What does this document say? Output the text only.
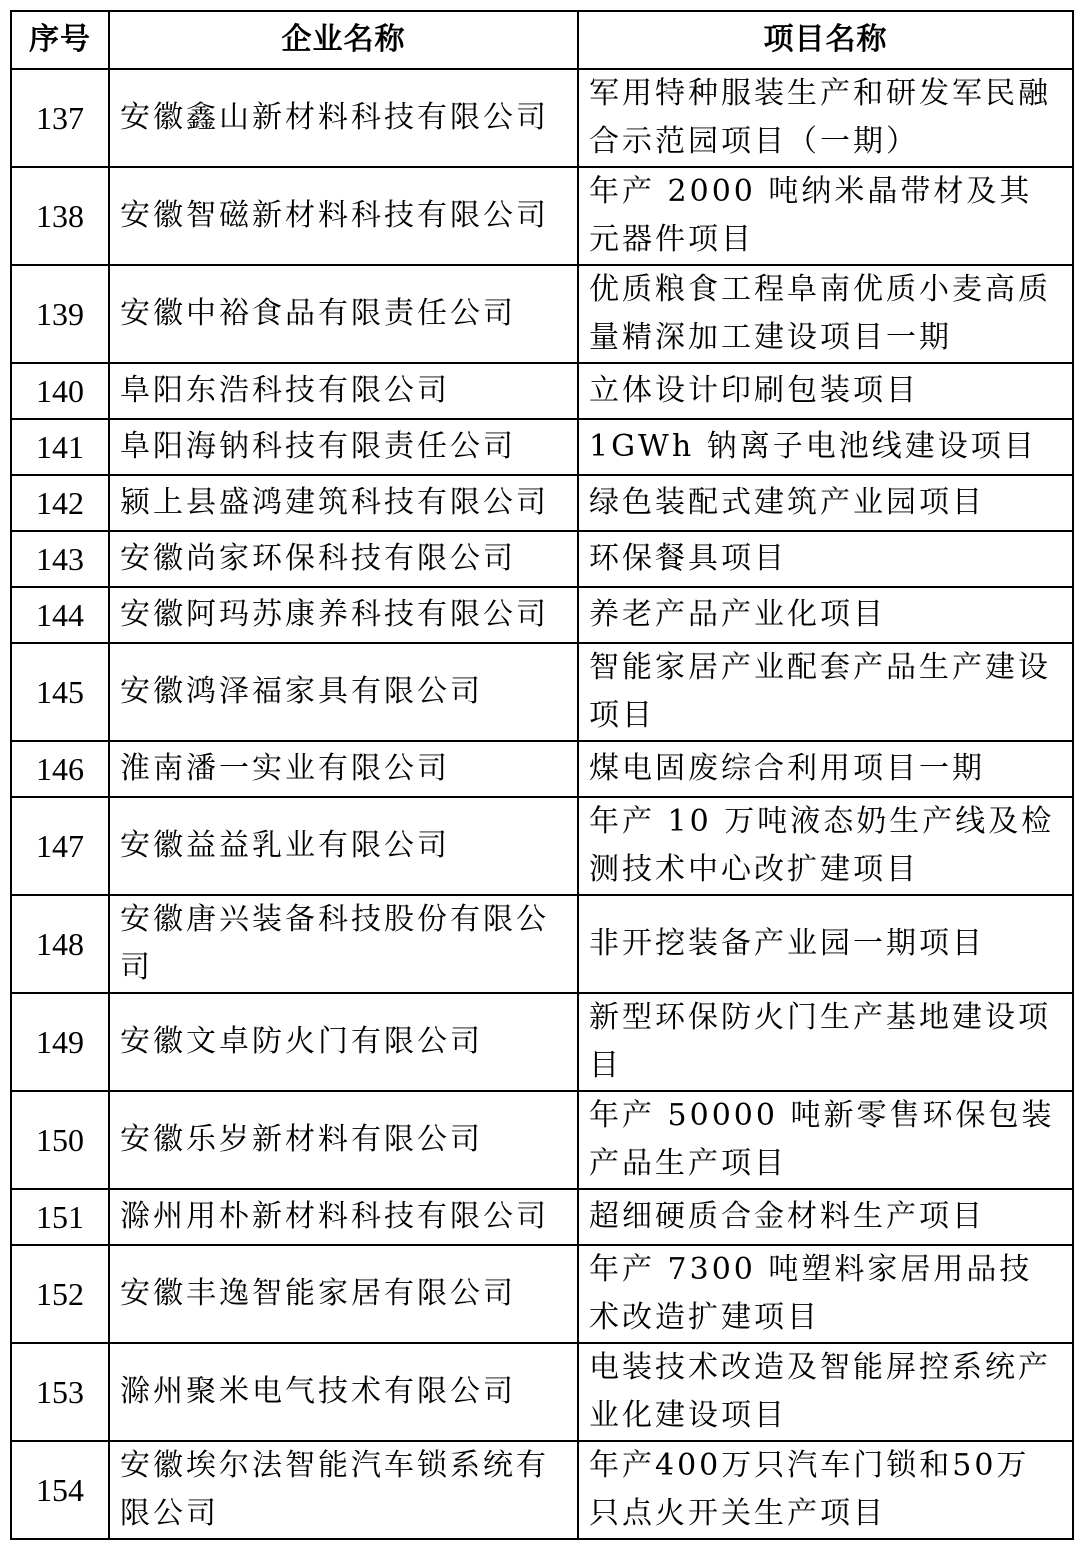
序号	企业名称	项目名称
137	安徽鑫山新材料科技有限公司	军用特种服装生产和研发军民融合示范园项目（一期）
138	安徽智磁新材料科技有限公司	年产 2000 吨纳米晶带材及其元器件项目
139	安徽中裕食品有限责任公司	优质粮食工程阜南优质小麦高质量精深加工建设项目一期
140	阜阳东浩科技有限公司	立体设计印刷包装项目
141	阜阳海钠科技有限责任公司	1GWh 钠离子电池线建设项目
142	颍上县盛鸿建筑科技有限公司	绿色装配式建筑产业园项目
143	安徽尚家环保科技有限公司	环保餐具项目
144	安徽阿玛苏康养科技有限公司	养老产品产业化项目
145	安徽鸿泽福家具有限公司	智能家居产业配套产品生产建设项目
146	淮南潘一实业有限公司	煤电固废综合利用项目一期
147	安徽益益乳业有限公司	年产 10 万吨液态奶生产线及检测技术中心改扩建项目
148	安徽唐兴装备科技股份有限公司	非开挖装备产业园一期项目
149	安徽文卓防火门有限公司	新型环保防火门生产基地建设项目
150	安徽乐岁新材料有限公司	年产 50000 吨新零售环保包装产品生产项目
151	滁州用朴新材料科技有限公司	超细硬质合金材料生产项目
152	安徽丰逸智能家居有限公司	年产 7300 吨塑料家居用品技术改造扩建项目
153	滁州聚米电气技术有限公司	电装技术改造及智能屏控系统产业化建设项目
154	安徽埃尔法智能汽车锁系统有限公司	年产400万只汽车门锁和50万只点火开关生产项目
